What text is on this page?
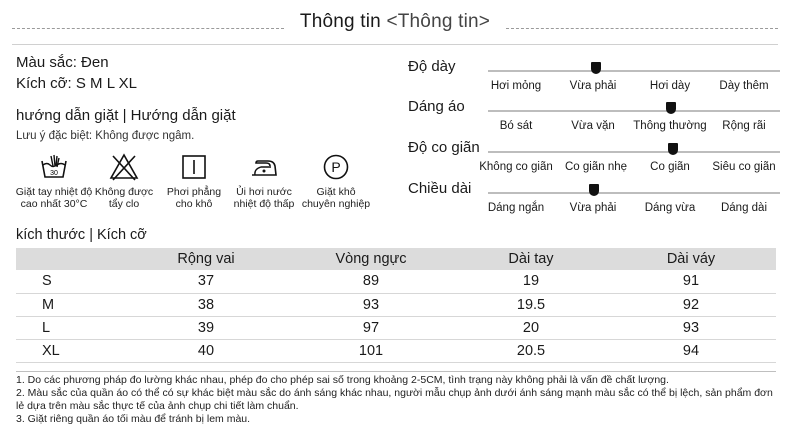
Thông tin <Thông tin>
Màu sắc: Đen
Kích cỡ: S M L XL
hướng dẫn giặt | Hướng dẫn giặt
Lưu ý đặc biệt: Không được ngâm.
30
Giặt tay nhiệt độ
cao nhất 30°C
Không được
tẩy clo
Phơi phẳng
cho khô
Ủi hơi nước
nhiệt độ thấp
P
Giặt khô
chuyên nghiệp
Độ dày
Hơi mỏng Vừa phải	Hơi dày	Dày thêm
Dáng áo
Bó sát	Vừa vặn Thông thường Rộng rãi
Độ co giãn
Không co giãn Co giãn nhẹ Co giãn Siêu co giãn
Chiều dài
Dáng ngắn Vừa phải Dáng vừa Dáng dài
kích thước | Kích cỡ
	Rộng vai	Vòng ngực	Dài tay	Dài váy
S	37	89	19	91
M	38	93	19.5	92
L	39	97	20	93
XL	40	101	20.5	94
1. Do các phương pháp đo lường khác nhau, phép đo cho phép sai số trong khoảng 2-5CM, tình trạng này không phải là vấn đề chất lượng.
2. Màu sắc của quần áo có thể có sự khác biệt màu sắc do ánh sáng khác nhau, người mẫu chụp ảnh dưới ánh sáng mạnh màu sắc có thể bị lệch, sản phẩm đơn lẻ dựa trên màu sắc thực tế của ảnh chụp chi tiết làm chuẩn.
3. Giặt riêng quần áo tối màu để tránh bị lem màu.
